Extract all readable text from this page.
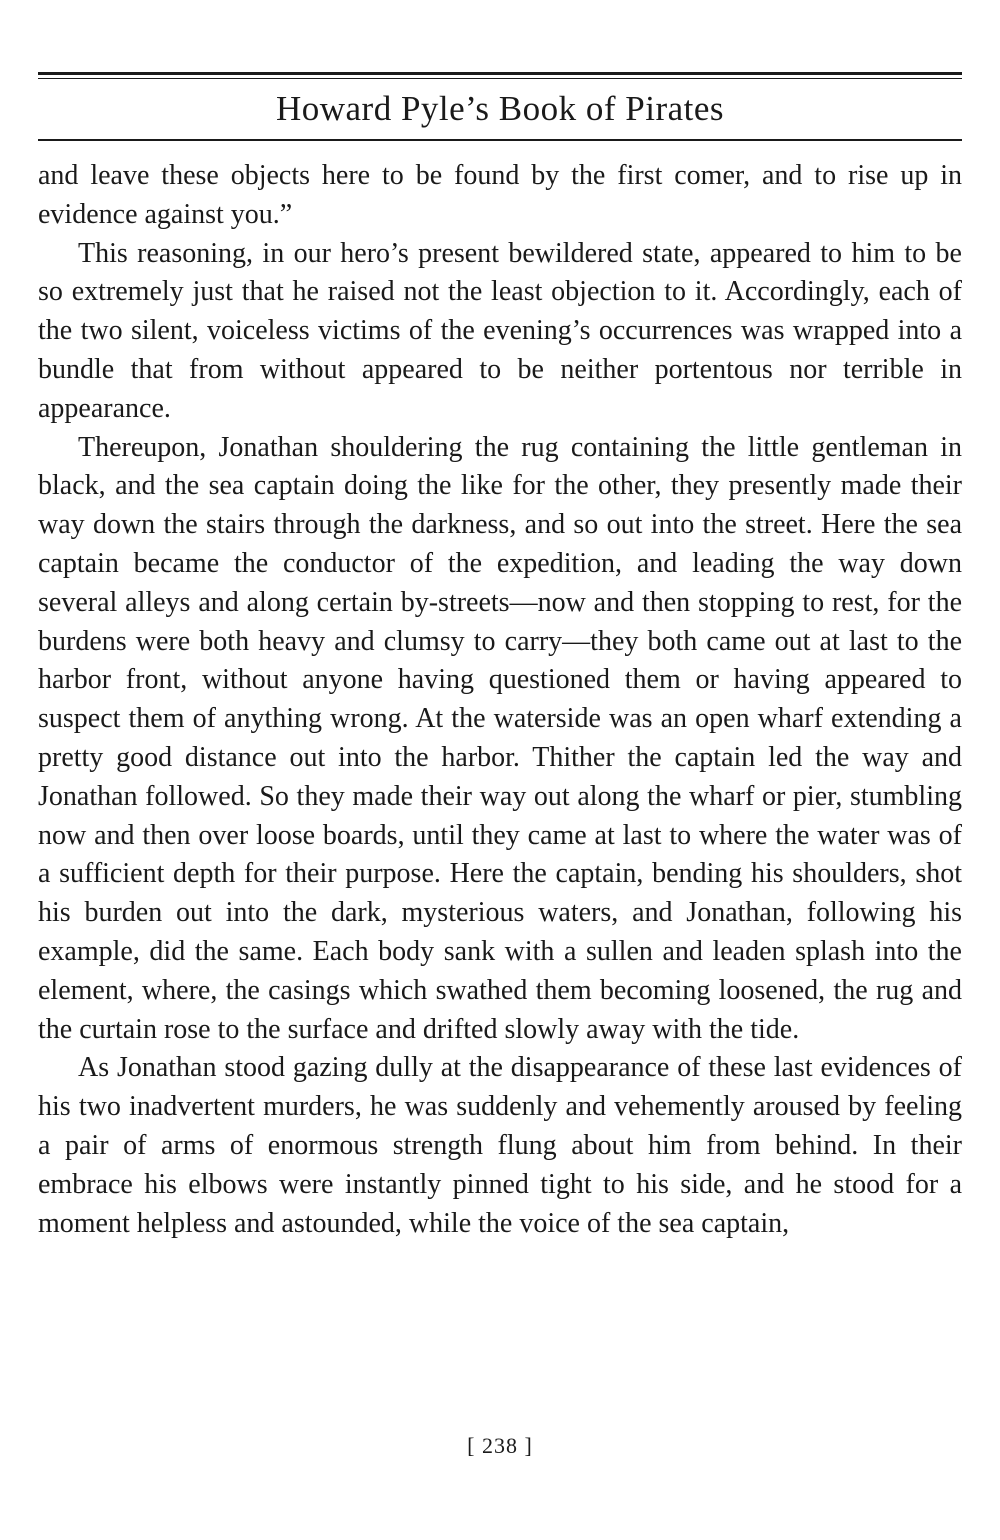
Howard Pyle’s Book of Pirates

and leave these objects here to be found by the first comer, and to rise up in evidence against you.”

This reasoning, in our hero’s present bewildered state, appeared to him to be so extremely just that he raised not the least objection to it. Accordingly, each of the two silent, voiceless victims of the evening’s occurrences was wrapped into a bundle that from without appeared to be neither portentous nor terrible in appearance.

Thereupon, Jonathan shouldering the rug containing the little gentleman in black, and the sea captain doing the like for the other, they presently made their way down the stairs through the darkness, and so out into the street. Here the sea captain became the conductor of the expedition, and leading the way down several alleys and along certain by-streets—now and then stopping to rest, for the burdens were both heavy and clumsy to carry—they both came out at last to the harbor front, without anyone having questioned them or having appeared to suspect them of anything wrong. At the waterside was an open wharf extending a pretty good distance out into the harbor. Thither the captain led the way and Jonathan followed. So they made their way out along the wharf or pier, stumbling now and then over loose boards, until they came at last to where the water was of a sufficient depth for their purpose. Here the captain, bending his shoulders, shot his burden out into the dark, mysterious waters, and Jonathan, following his example, did the same. Each body sank with a sullen and leaden splash into the element, where, the casings which swathed them becoming loosened, the rug and the curtain rose to the surface and drifted slowly away with the tide.

As Jonathan stood gazing dully at the disappearance of these last evidences of his two inadvertent murders, he was suddenly and vehemently aroused by feeling a pair of arms of enormous strength flung about him from behind. In their embrace his elbows were instantly pinned tight to his side, and he stood for a moment helpless and astounded, while the voice of the sea captain,

[ 238 ]
